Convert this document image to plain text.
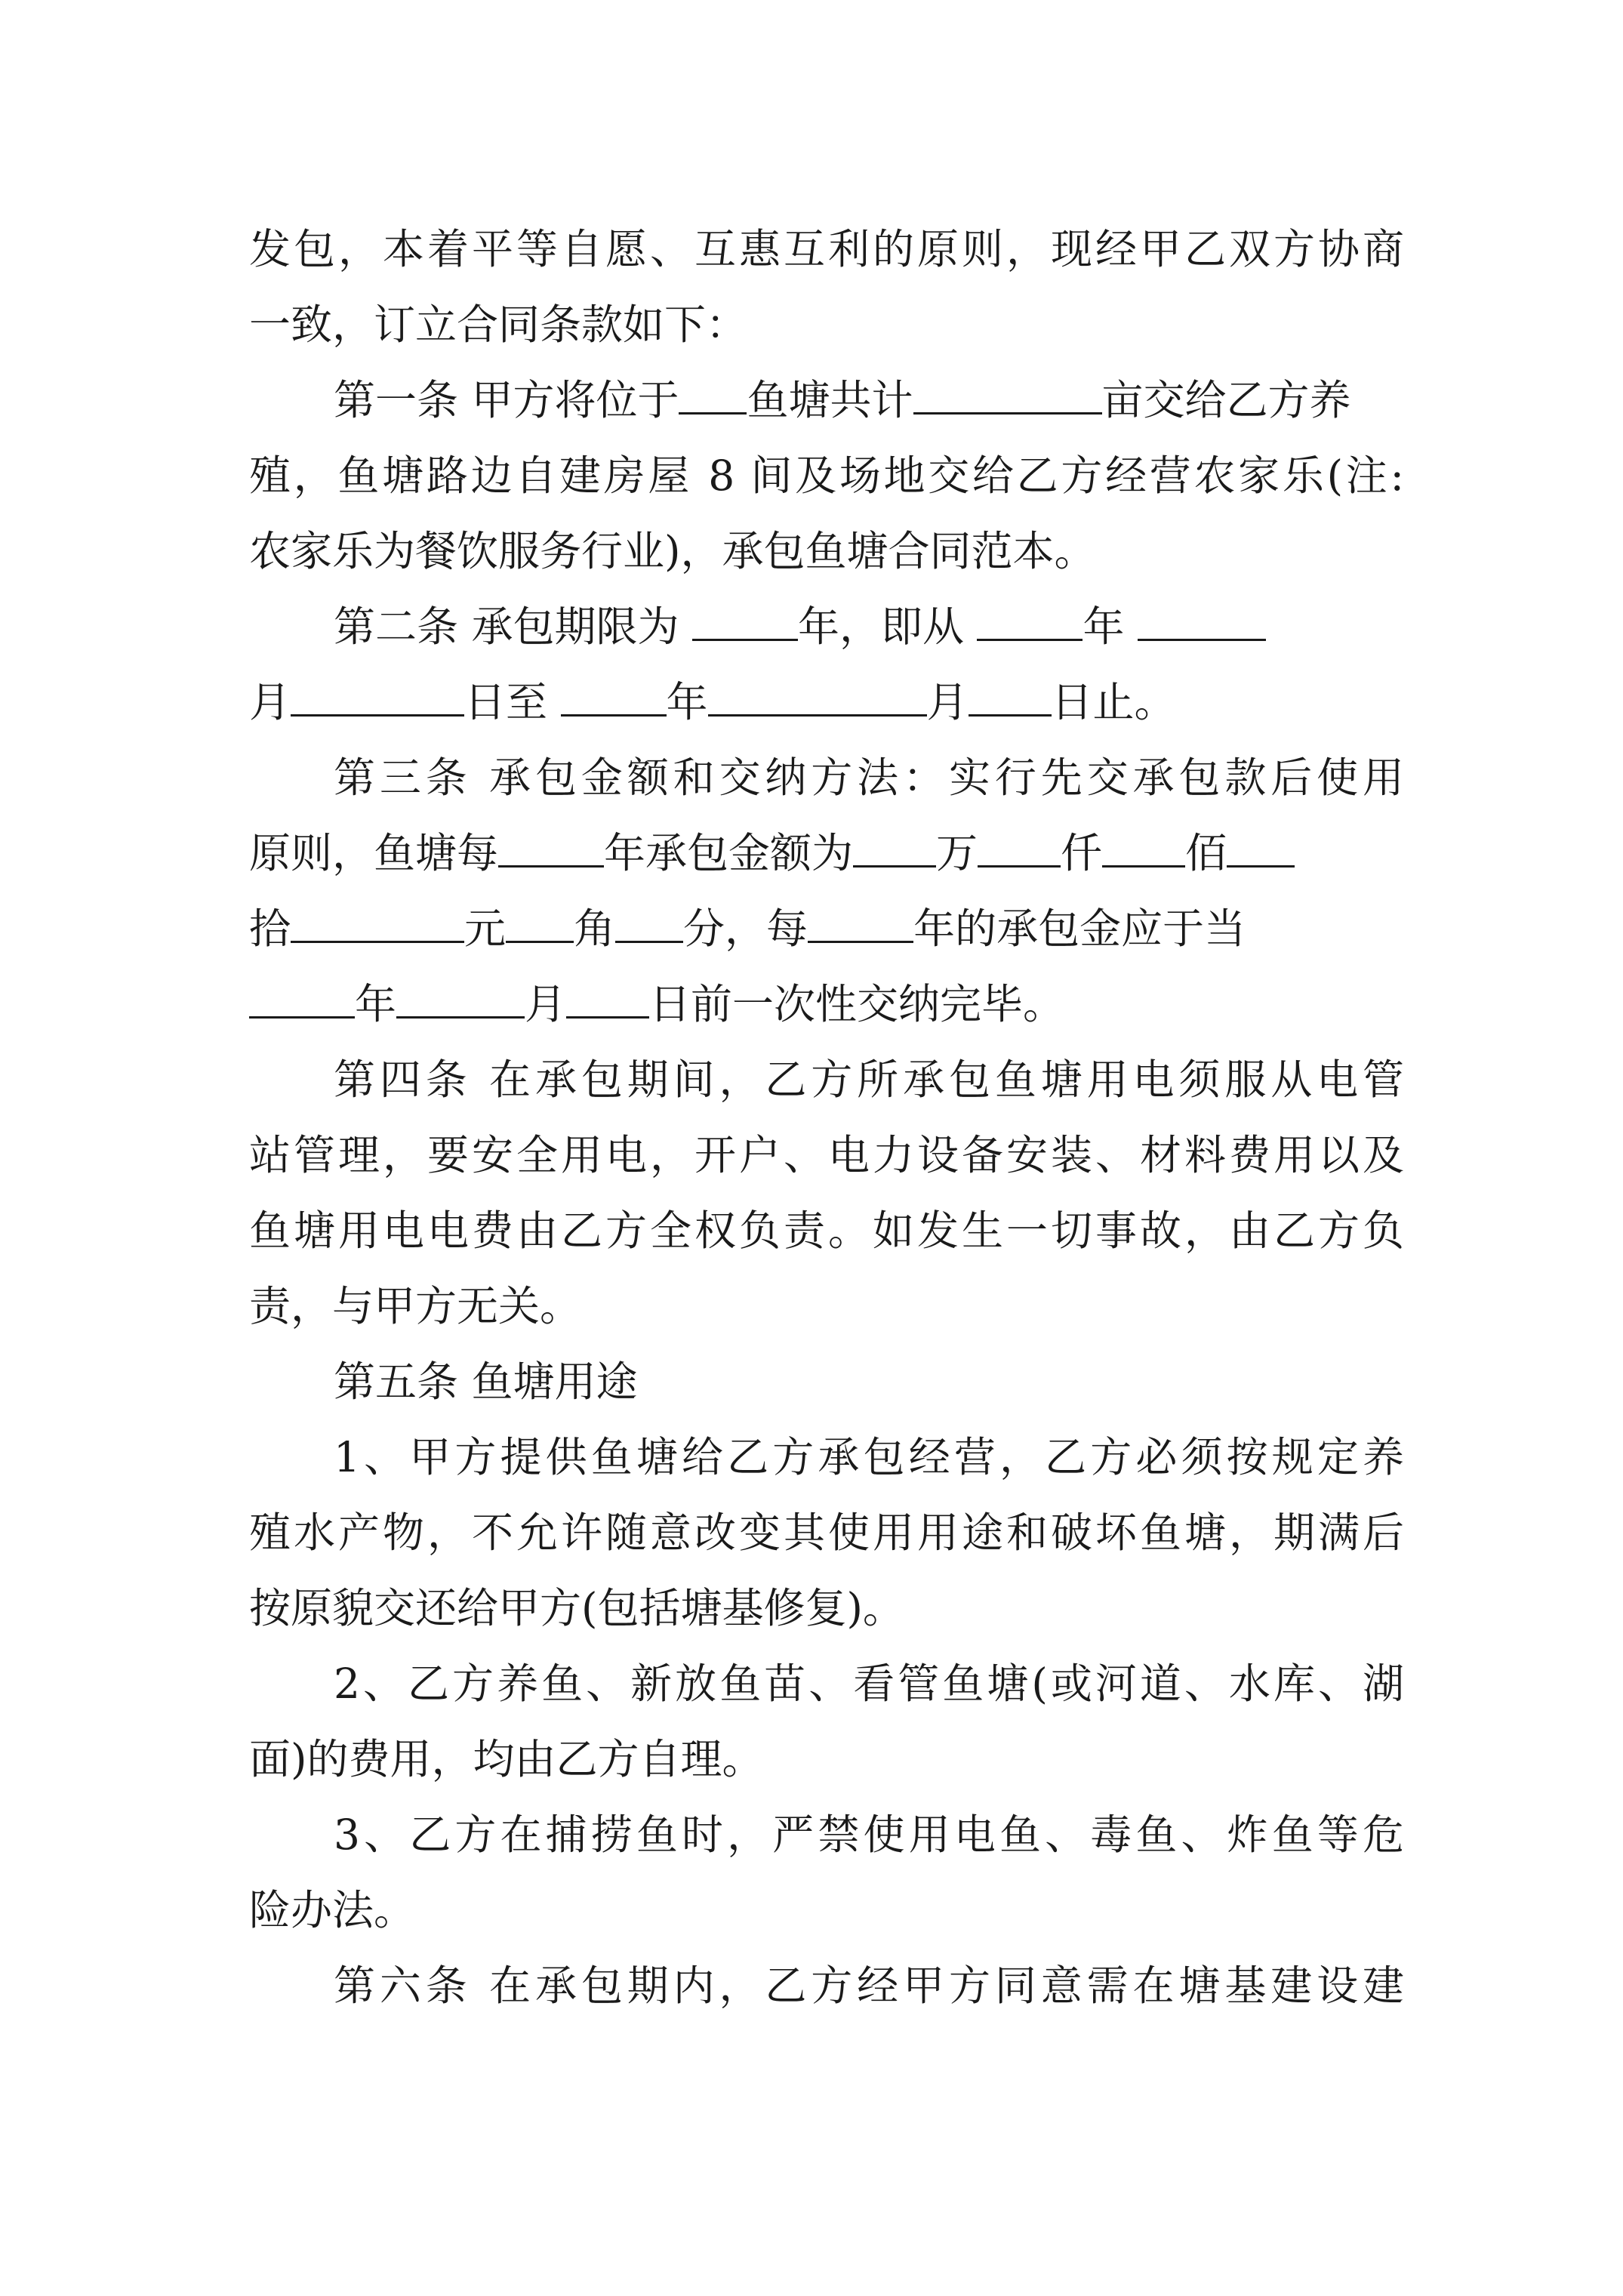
发包，本着平等自愿、互惠互利的原则，现经甲乙双方协商

一致，订立合同条款如下：

第一条 甲方将位于 鱼塘共计	亩交给乙方养

殖，鱼塘路边自建房屋 8 间及场地交给乙方经营农家乐(注:

农家乐为餐饮服务行业)，承包鱼塘合同范本。

第二条 承包期限为	年，即从	年

月	日至	年	月 日止。

第三条 承包金额和交纳方法：实行先交承包款后使用

原则，鱼塘每	年承包金额为 万 仟 佰

拾	元 角 分，每	年的承包金应于当

年	月 日前一次性交纳完毕。

第四条 在承包期间，乙方所承包鱼塘用电须服从电管

站管理，要安全用电，开户、电力设备安装、材料费用以及

鱼塘用电电费由乙方全权负责。如发生一切事故，由乙方负

责，与甲方无关。

第五条 鱼塘用途

1、甲方提供鱼塘给乙方承包经营，乙方必须按规定养

殖水产物，不允许随意改变其使用用途和破坏鱼塘，期满后

按原貌交还给甲方(包括塘基修复)。

2、乙方养鱼、新放鱼苗、看管鱼塘(或河道、水库、湖

面)的费用，均由乙方自理。

3、乙方在捕捞鱼时，严禁使用电鱼、毒鱼、炸鱼等危

险办法。

第六条 在承包期内，乙方经甲方同意需在塘基建设建
